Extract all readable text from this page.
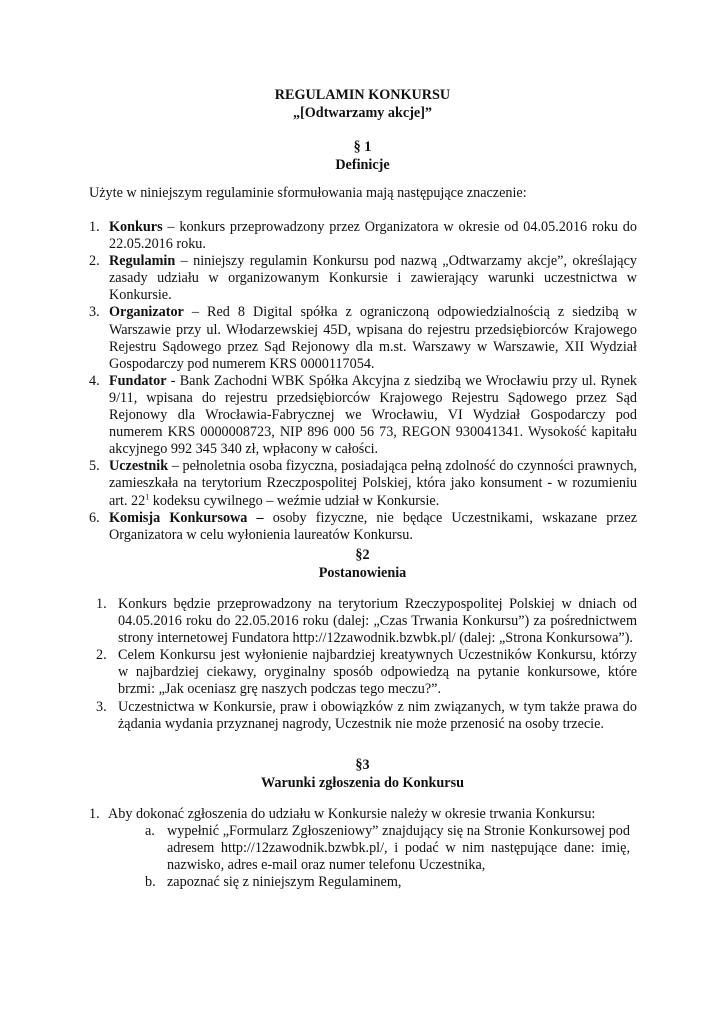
REGULAMIN KONKURSU
„[Odtwarzamy akcje]”
§ 1
Definicje
Użyte w niniejszym regulaminie sformułowania mają następujące znaczenie:
1. Konkurs – konkurs przeprowadzony przez Organizatora w okresie od 04.05.2016 roku do 22.05.2016 roku.
2. Regulamin – niniejszy regulamin Konkursu pod nazwą „Odtwarzamy akcje”, określający zasady udziału w organizowanym Konkursie i zawierający warunki uczestnictwa w Konkursie.
3. Organizator – Red 8 Digital spółka z ograniczoną odpowiedzialnością z siedzibą w Warszawie przy ul. Włodarzewskiej 45D, wpisana do rejestru przedsiębiorców Krajowego Rejestru Sądowego przez Sąd Rejonowy dla m.st. Warszawy w Warszawie, XII Wydział Gospodarczy pod numerem KRS 0000117054.
4. Fundator - Bank Zachodni WBK Spółka Akcyjna z siedzibą we Wrocławiu przy ul. Rynek 9/11, wpisana do rejestru przedsiębiorców Krajowego Rejestru Sądowego przez Sąd Rejonowy dla Wrocławia-Fabrycznej we Wrocławiu, VI Wydział Gospodarczy pod numerem KRS 0000008723, NIP 896 000 56 73, REGON 930041341. Wysokość kapitału akcyjnego 992 345 340 zł, wpłacony w całości.
5. Uczestnik – pełnoletnia osoba fizyczna, posiadająca pełną zdolność do czynności prawnych, zamieszkała na terytorium Rzeczpospolitej Polskiej, która jako konsument - w rozumieniu art. $22^1$ kodeksu cywilnego – weźmie udział w Konkursie.
6. Komisja Konkursowa – osoby fizyczne, nie będące Uczestnikami, wskazane przez Organizatora w celu wyłonienia laureatów Konkursu.
§2
Postanowienia
1. Konkurs będzie przeprowadzony na terytorium Rzeczypospolitej Polskiej w dniach od 04.05.2016 roku do 22.05.2016 roku (dalej: „Czas Trwania Konkursu”) za pośrednictwem strony internetowej Fundatora http://12zawodnik.bzwbk.pl/ (dalej: „Strona Konkursowa”).
2. Celem Konkursu jest wyłonienie najbardziej kreatywnych Uczestników Konkursu, którzy w najbardziej ciekawy, oryginalny sposób odpowiedzą na pytanie konkursowe, które brzmi: „Jak oceniasz grę naszych podczas tego meczu?”.
3. Uczestnictwa w Konkursie, praw i obowiązków z nim związanych, w tym także prawa do żądania wydania przyznanej nagrody, Uczestnik nie może przenosić na osoby trzecie.
§3
Warunki zgłoszenia do Konkursu
1. Aby dokonać zgłoszenia do udziału w Konkursie należy w okresie trwania Konkursu:
a. wypełnić „Formularz Zgłoszeniowy” znajdujący się na Stronie Konkursowej pod adresem http://12zawodnik.bzwbk.pl/, i podać w nim następujące dane: imię, nazwisko, adres e-mail oraz numer telefonu Uczestnika,
b. zapoznać się z niniejszym Regulaminem,
